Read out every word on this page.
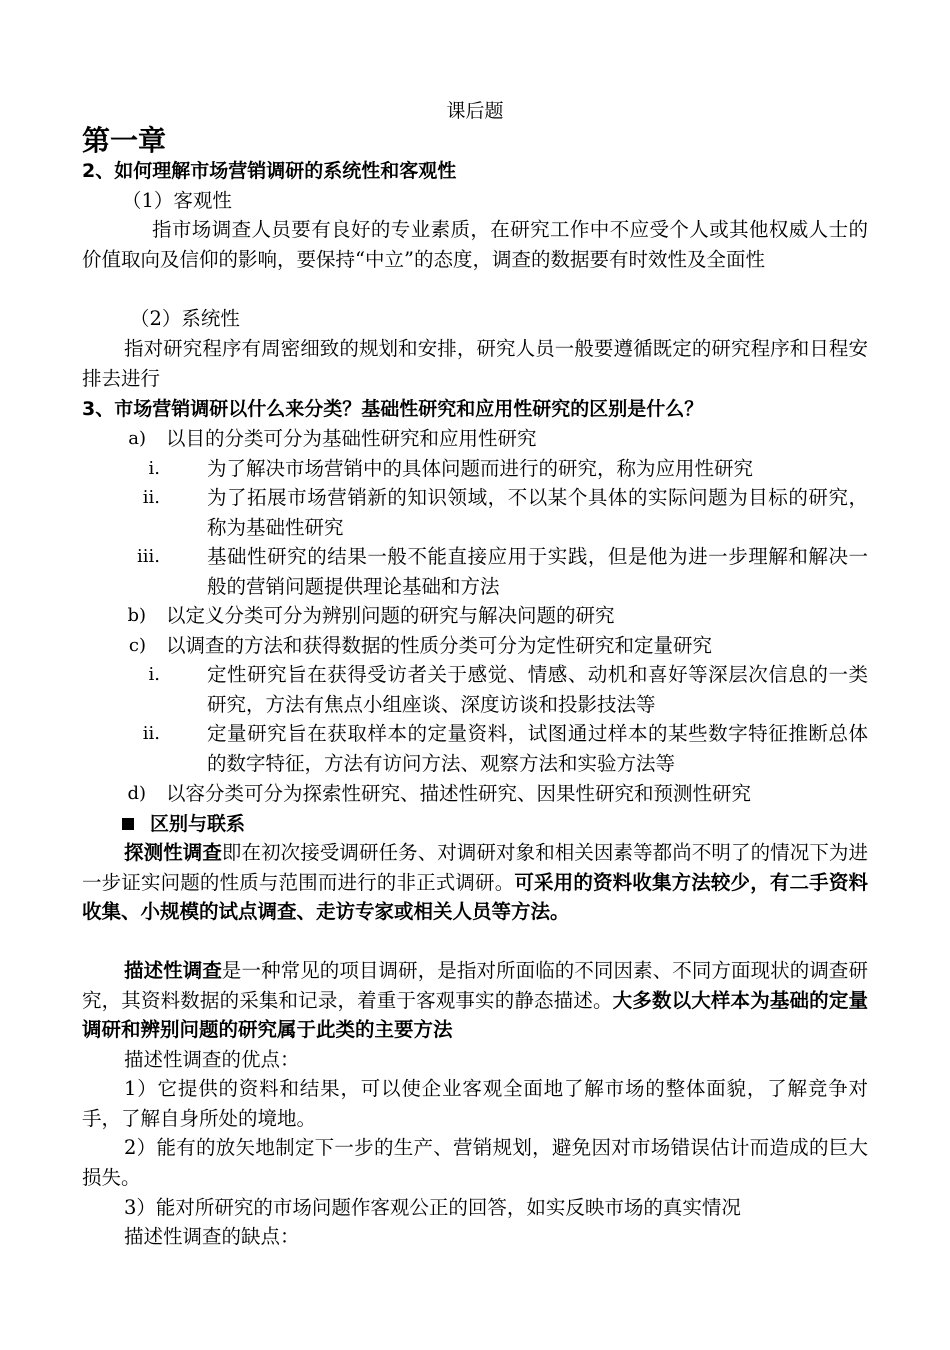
课后题
第一章
2、如何理解市场营销调研的系统性和客观性
（1）客观性
指市场调查人员要有良好的专业素质，在研究工作中不应受个人或其他权威人士的价值取向及信仰的影响，要保持“中立”的态度，调查的数据要有时效性及全面性
（2）系统性
指对研究程序有周密细致的规划和安排，研究人员一般要遵循既定的研究程序和日程安排去进行
3、市场营销调研以什么来分类？基础性研究和应用性研究的区别是什么？
a) 以目的分类可分为基础性研究和应用性研究
i. 为了解决市场营销中的具体问题而进行的研究，称为应用性研究
ii. 为了拓展市场营销新的知识领域，不以某个具体的实际问题为目标的研究，称为基础性研究
iii. 基础性研究的结果一般不能直接应用于实践，但是他为进一步理解和解决一般的营销问题提供理论基础和方法
b) 以定义分类可分为辨别问题的研究与解决问题的研究
c) 以调查的方法和获得数据的性质分类可分为定性研究和定量研究
i. 定性研究旨在获得受访者关于感觉、情感、动机和喜好等深层次信息的一类研究，方法有焦点小组座谈、深度访谈和投影技法等
ii. 定量研究旨在获取样本的定量资料，试图通过样本的某些数字特征推断总体的数字特征，方法有访问方法、观察方法和实验方法等
d) 以容分类可分为探索性研究、描述性研究、因果性研究和预测性研究
区别与联系
探测性调查即在初次接受调研任务、对调研对象和相关因素等都尚不明了的情况下为进一步证实问题的性质与范围而进行的非正式调研。可采用的资料收集方法较少，有二手资料收集、小规模的试点调查、走访专家或相关人员等方法。
描述性调查是一种常见的项目调研，是指对所面临的不同因素、不同方面现状的调查研究，其资料数据的采集和记录，着重于客观事实的静态描述。大多数以大样本为基础的定量调研和辨别问题的研究属于此类的主要方法
描述性调查的优点：
1）它提供的资料和结果，可以使企业客观全面地了解市场的整体面貌，了解竞争对手，了解自身所处的境地。
2）能有的放矢地制定下一步的生产、营销规划，避免因对市场错误估计而造成的巨大损失。
3）能对所研究的市场问题作客观公正的回答，如实反映市场的真实情况
描述性调查的缺点：
